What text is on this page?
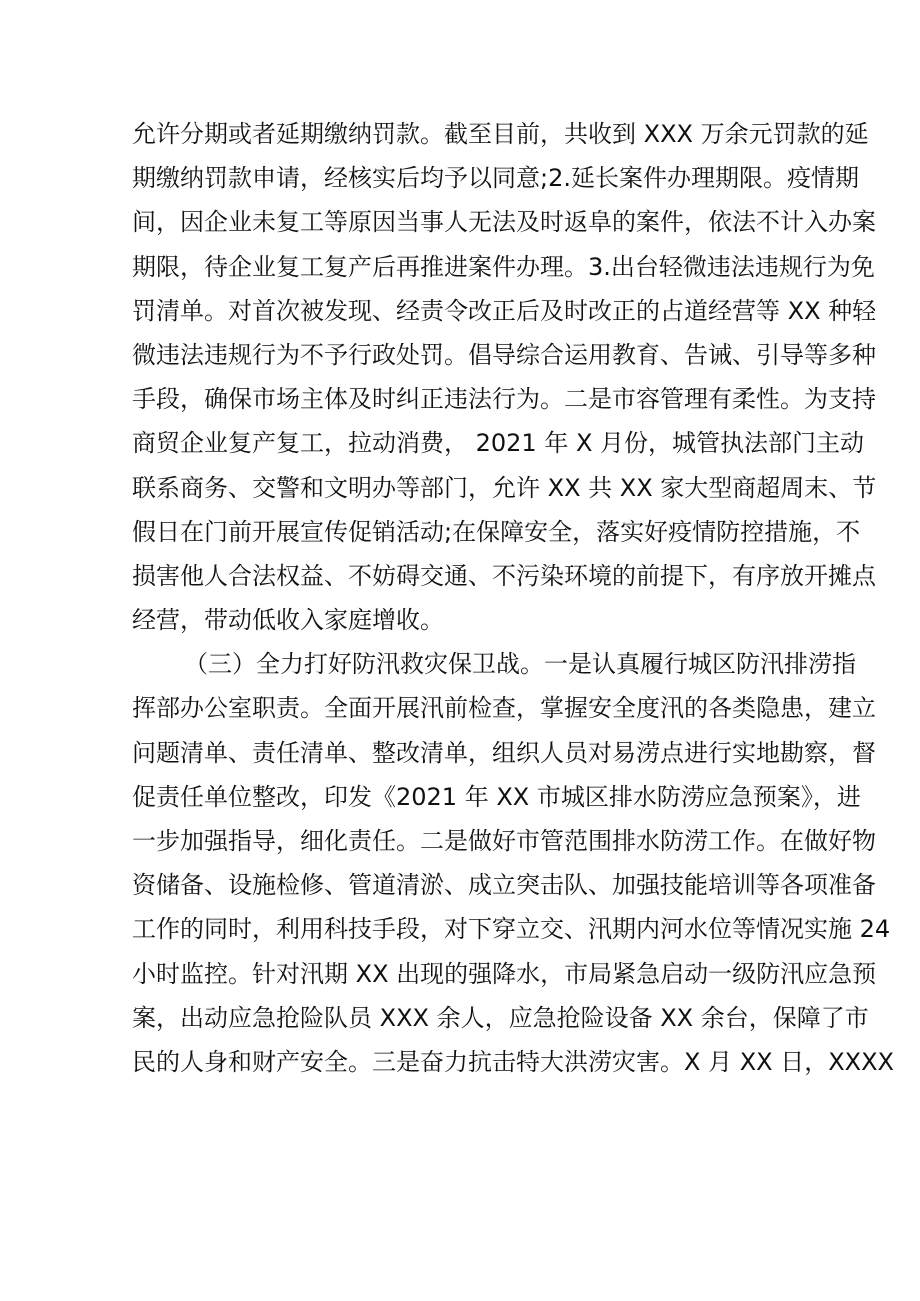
允许分期或者延期缴纳罚款。截至目前，共收到 XXX 万余元罚款的延
期缴纳罚款申请，经核实后均予以同意;2.延长案件办理期限。疫情期
间，因企业未复工等原因当事人无法及时返阜的案件，依法不计入办案
期限，待企业复工复产后再推进案件办理。3.出台轻微违法违规行为免
罚清单。对首次被发现、经责令改正后及时改正的占道经营等 XX 种轻
微违法违规行为不予行政处罚。倡导综合运用教育、告诫、引导等多种
手段，确保市场主体及时纠正违法行为。二是市容管理有柔性。为支持
商贸企业复产复工，拉动消费， 2021 年 X 月份，城管执法部门主动
联系商务、交警和文明办等部门，允许 XX 共 XX 家大型商超周末、节
假日在门前开展宣传促销活动;在保障安全，落实好疫情防控措施，不
损害他人合法权益、不妨碍交通、不污染环境的前提下，有序放开摊点
经营，带动低收入家庭增收。
（三）全力打好防汛救灾保卫战。一是认真履行城区防汛排涝指
挥部办公室职责。全面开展汛前检查，掌握安全度汛的各类隐患，建立
问题清单、责任清单、整改清单，组织人员对易涝点进行实地勘察，督
促责任单位整改，印发《2021 年 XX 市城区排水防涝应急预案》，进
一步加强指导，细化责任。二是做好市管范围排水防涝工作。在做好物
资储备、设施检修、管道清淤、成立突击队、加强技能培训等各项准备
工作的同时，利用科技手段，对下穿立交、汛期内河水位等情况实施 24
小时监控。针对汛期 XX 出现的强降水，市局紧急启动一级防汛应急预
案，出动应急抢险队员 XXX 余人，应急抢险设备 XX 余台，保障了市
民的人身和财产安全。三是奋力抗击特大洪涝灾害。X 月 XX 日，XXXX
